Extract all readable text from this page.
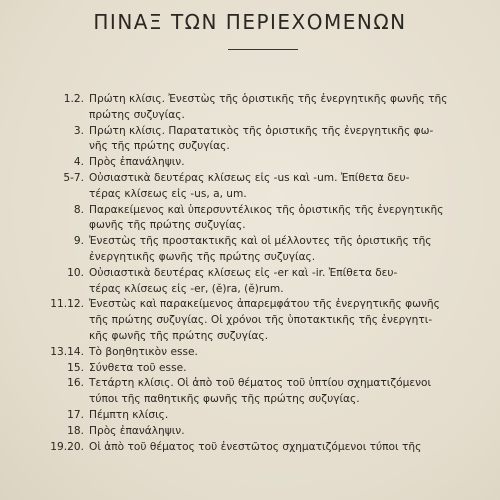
ΠΙΝΑΞ ΤΩΝ ΠΕΡΙΕΧΟΜΕΝΩΝ
1.2. Πρώτη κλίσις. Ἐνεστὼς τῆς ὁριστικῆς τῆς ἐνεργητικῆς φωνῆς τῆς
πρώτης συζυγίας.
3. Πρώτη κλίσις. Παρατατικὸς τῆς ὁριστικῆς τῆς ἐνεργητικῆς φω-
νῆς τῆς πρώτης συζυγίας.
4. Πρὸς ἐπανάληψιν.
5-7. Οὐσιαστικὰ δευτέρας κλίσεως εἰς -us καὶ -um. Ἐπίθετα δευ-
τέρας κλίσεως εἰς -us, a, um.
8. Παρακείμενος καὶ ὑπερσυντέλικος τῆς ὁριστικῆς τῆς ἐνεργητικῆς
φωνῆς τῆς πρώτης συζυγίας.
9. Ἐνεστὼς τῆς προστακτικῆς καὶ οἱ μέλλοντες τῆς ὁριστικῆς τῆς
ἐνεργητικῆς φωνῆς τῆς πρώτης συζυγίας.
10. Οὐσιαστικὰ δευτέρας κλίσεως εἰς -er καὶ -ir. Ἐπίθετα δευ-
τέρας κλίσεως εἰς -er, (ĕ)ra, (ĕ)rum.
11.12. Ἐνεστὼς καὶ παρακείμενος ἀπαρεμφάτου τῆς ἐνεργητικῆς φωνῆς
τῆς πρώτης συζυγίας. Οἱ χρόνοι τῆς ὑποτακτικῆς τῆς ἐνεργητι-
κῆς φωνῆς τῆς πρώτης συζυγίας.
13.14. Τὸ βοηθητικὸν esse.
15. Σύνθετα τοῦ esse.
16. Τετάρτη κλίσις. Οἱ ἀπὸ τοῦ θέματος τοῦ ὑπτίου σχηματιζόμενοι
τύποι τῆς παθητικῆς φωνῆς τῆς πρώτης συζυγίας.
17. Πέμπτη κλίσις.
18. Πρὸς ἐπανάληψιν.
19.20. Οἱ ἀπὸ τοῦ θέματος τοῦ ἐνεστῶτος σχηματιζόμενοι τύποι τῆς
